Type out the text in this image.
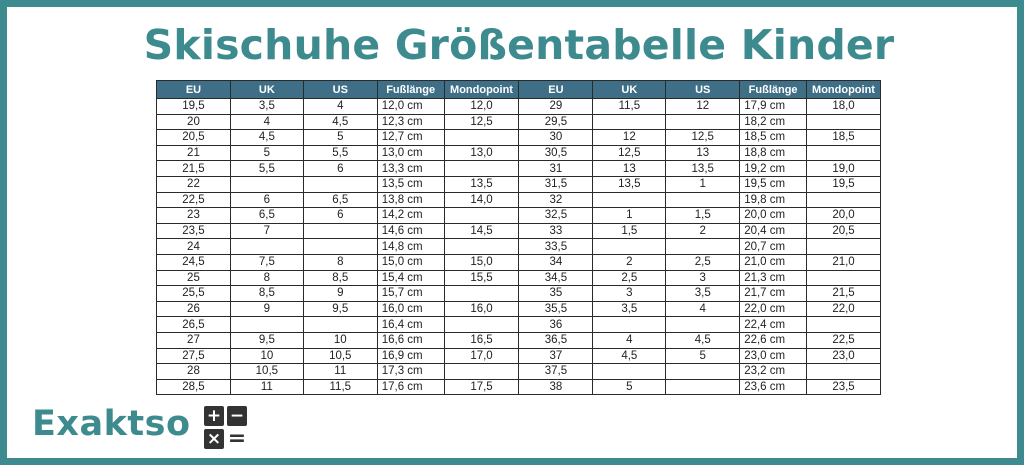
Skischuhe Größentabelle Kinder
EU	UK	US	Fußlänge	Mondopoint	EU	UK	US	Fußlänge	Mondopoint
19,5	3,5	4	12,0 cm	12,0	29	11,5	12	17,9 cm	18,0
20	4	4,5	12,3 cm	12,5	29,5			18,2 cm	
20,5	4,5	5	12,7 cm		30	12	12,5	18,5 cm	18,5
21	5	5,5	13,0 cm	13,0	30,5	12,5	13	18,8 cm	
21,5	5,5	6	13,3 cm		31	13	13,5	19,2 cm	19,0
22			13,5 cm	13,5	31,5	13,5	1	19,5 cm	19,5
22,5	6	6,5	13,8 cm	14,0	32			19,8 cm	
23	6,5	6	14,2 cm		32,5	1	1,5	20,0 cm	20,0
23,5	7		14,6 cm	14,5	33	1,5	2	20,4 cm	20,5
24			14,8 cm		33,5			20,7 cm	
24,5	7,5	8	15,0 cm	15,0	34	2	2,5	21,0 cm	21,0
25	8	8,5	15,4 cm	15,5	34,5	2,5	3	21,3 cm	
25,5	8,5	9	15,7 cm		35	3	3,5	21,7 cm	21,5
26	9	9,5	16,0 cm	16,0	35,5	3,5	4	22,0 cm	22,0
26,5			16,4 cm		36			22,4 cm	
27	9,5	10	16,6 cm	16,5	36,5	4	4,5	22,6 cm	22,5
27,5	10	10,5	16,9 cm	17,0	37	4,5	5	23,0 cm	23,0
28	10,5	11	17,3 cm		37,5			23,2 cm	
28,5	11	11,5	17,6 cm	17,5	38	5		23,6 cm	23,5
Exaktso + −
× =
